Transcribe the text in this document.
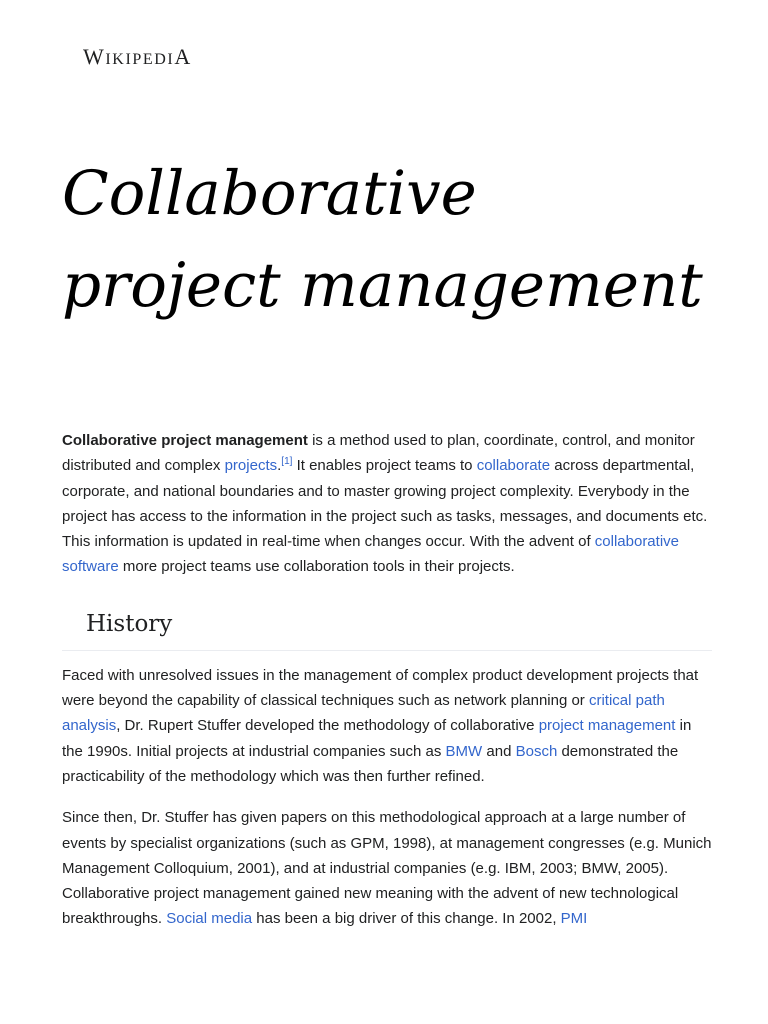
WIKIPEDIA
Collaborative
project management

Collaborative project management is a method used to plan, coordinate, control, and monitor distributed and complex projects.[1] It enables project teams to collaborate across departmental, corporate, and national boundaries and to master growing project complexity. Everybody in the project has access to the information in the project such as tasks, messages, and documents etc. This information is updated in real-time when changes occur. With the advent of collaborative software more project teams use collaboration tools in their projects.

History

Faced with unresolved issues in the management of complex product development projects that were beyond the capability of classical techniques such as network planning or critical path analysis, Dr. Rupert Stuffer developed the methodology of collaborative project management in the 1990s. Initial projects at industrial companies such as BMW and Bosch demonstrated the practicability of the methodology which was then further refined.

Since then, Dr. Stuffer has given papers on this methodological approach at a large number of events by specialist organizations (such as GPM, 1998), at management congresses (e.g. Munich Management Colloquium, 2001), and at industrial companies (e.g. IBM, 2003; BMW, 2005). Collaborative project management gained new meaning with the advent of new technological breakthroughs. Social media has been a big driver of this change. In 2002, PMI
